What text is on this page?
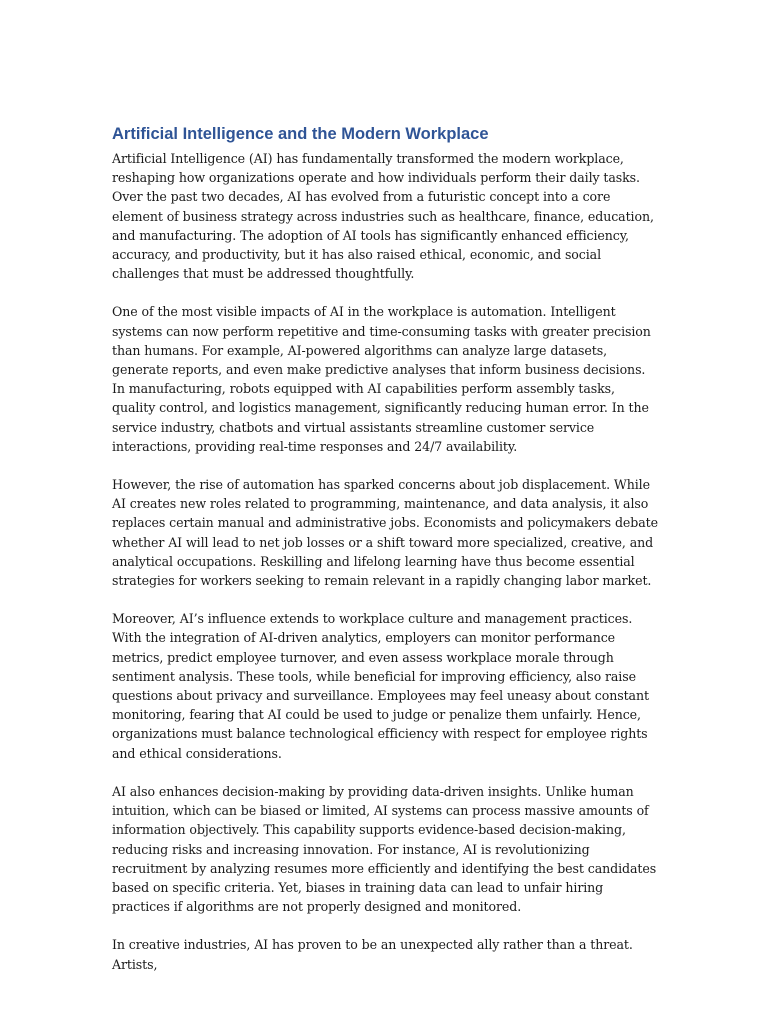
Artificial Intelligence and the Modern Workplace

Artificial Intelligence (AI) has fundamentally transformed the modern workplace, reshaping how organizations operate and how individuals perform their daily tasks. Over the past two decades, AI has evolved from a futuristic concept into a core element of business strategy across industries such as healthcare, finance, education, and manufacturing. The adoption of AI tools has significantly enhanced efficiency, accuracy, and productivity, but it has also raised ethical, economic, and social challenges that must be addressed thoughtfully.

One of the most visible impacts of AI in the workplace is automation. Intelligent systems can now perform repetitive and time-consuming tasks with greater precision than humans. For example, AI-powered algorithms can analyze large datasets, generate reports, and even make predictive analyses that inform business decisions. In manufacturing, robots equipped with AI capabilities perform assembly tasks, quality control, and logistics management, significantly reducing human error. In the service industry, chatbots and virtual assistants streamline customer service interactions, providing real-time responses and 24/7 availability.

However, the rise of automation has sparked concerns about job displacement. While AI creates new roles related to programming, maintenance, and data analysis, it also replaces certain manual and administrative jobs. Economists and policymakers debate whether AI will lead to net job losses or a shift toward more specialized, creative, and analytical occupations. Reskilling and lifelong learning have thus become essential strategies for workers seeking to remain relevant in a rapidly changing labor market.

Moreover, AI’s influence extends to workplace culture and management practices. With the integration of AI-driven analytics, employers can monitor performance metrics, predict employee turnover, and even assess workplace morale through sentiment analysis. These tools, while beneficial for improving efficiency, also raise questions about privacy and surveillance. Employees may feel uneasy about constant monitoring, fearing that AI could be used to judge or penalize them unfairly. Hence, organizations must balance technological efficiency with respect for employee rights and ethical considerations.

AI also enhances decision-making by providing data-driven insights. Unlike human intuition, which can be biased or limited, AI systems can process massive amounts of information objectively. This capability supports evidence-based decision-making, reducing risks and increasing innovation. For instance, AI is revolutionizing recruitment by analyzing resumes more efficiently and identifying the best candidates based on specific criteria. Yet, biases in training data can lead to unfair hiring practices if algorithms are not properly designed and monitored.

In creative industries, AI has proven to be an unexpected ally rather than a threat. Artists,
